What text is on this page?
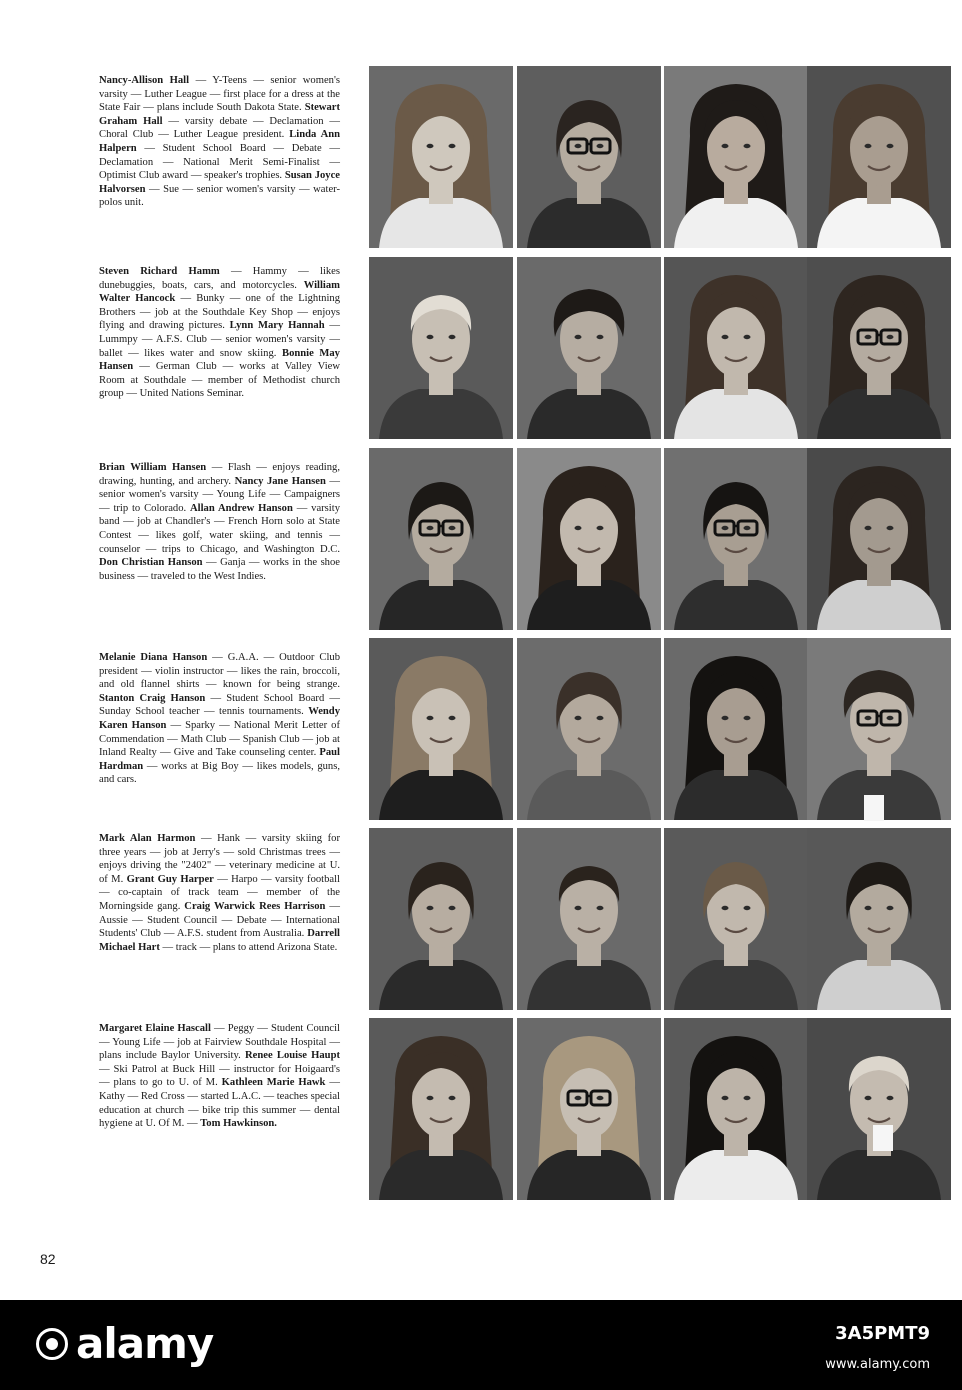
Nancy-Allison Hall — Y-Teens — senior women's varsity — Luther League — first place for a dress at the State Fair — plans include South Dakota State. Stewart Graham Hall — varsity debate — Declamation — Choral Club — Luther League president. Linda Ann Halpern — Student School Board — Debate — Declamation — National Merit Semi-Finalist — Optimist Club award — speaker's trophies. Susan Joyce Halvorsen — Sue — senior women's varsity — water-polos unit.
Steven Richard Hamm — Hammy — likes dunebuggies, boats, cars, and motorcycles. William Walter Hancock — Bunky — one of the Lightning Brothers — job at the Southdale Key Shop — enjoys flying and drawing pictures. Lynn Mary Hannah — Lummpy — A.F.S. Club — senior women's varsity — ballet — likes water and snow skiing. Bonnie May Hansen — German Club — works at Valley View Room at Southdale — member of Methodist church group — United Nations Seminar.
Brian William Hansen — Flash — enjoys reading, drawing, hunting, and archery. Nancy Jane Hansen — senior women's varsity — Young Life — Campaigners — trip to Colorado. Allan Andrew Hanson — varsity band — job at Chandler's — French Horn solo at State Contest — likes golf, water skiing, and tennis — counselor — trips to Chicago, and Washington D.C. Don Christian Hanson — Ganja — works in the shoe business — traveled to the West Indies.
Melanie Diana Hanson — G.A.A. — Outdoor Club president — violin instructor — likes the rain, broccoli, and old flannel shirts — known for being strange. Stanton Craig Hanson — Student School Board — Sunday School teacher — tennis tournaments. Wendy Karen Hanson — Sparky — National Merit Letter of Commendation — Math Club — Spanish Club — job at Inland Realty — Give and Take counseling center. Paul Hardman — works at Big Boy — likes models, guns, and cars.
Mark Alan Harmon — Hank — varsity skiing for three years — job at Jerry's — sold Christmas trees — enjoys driving the "2402" — veterinary medicine at U. of M. Grant Guy Harper — Harpo — varsity football — co-captain of track team — member of the Morningside gang. Craig Warwick Rees Harrison — Aussie — Student Council — Debate — International Students' Club — A.F.S. student from Australia. Darrell Michael Hart — track — plans to attend Arizona State.
Margaret Elaine Hascall — Peggy — Student Council — Young Life — job at Fairview Southdale Hospital — plans include Baylor University. Renee Louise Haupt — Ski Patrol at Buck Hill — instructor for Hoigaard's — plans to go to U. of M. Kathleen Marie Hawk — Kathy — Red Cross — started L.A.C. — teaches special education at church — bike trip this summer — dental hygiene at U. Of M. — Tom Hawkinson.
82
alamy	3A5PMT9
www.alamy.com
